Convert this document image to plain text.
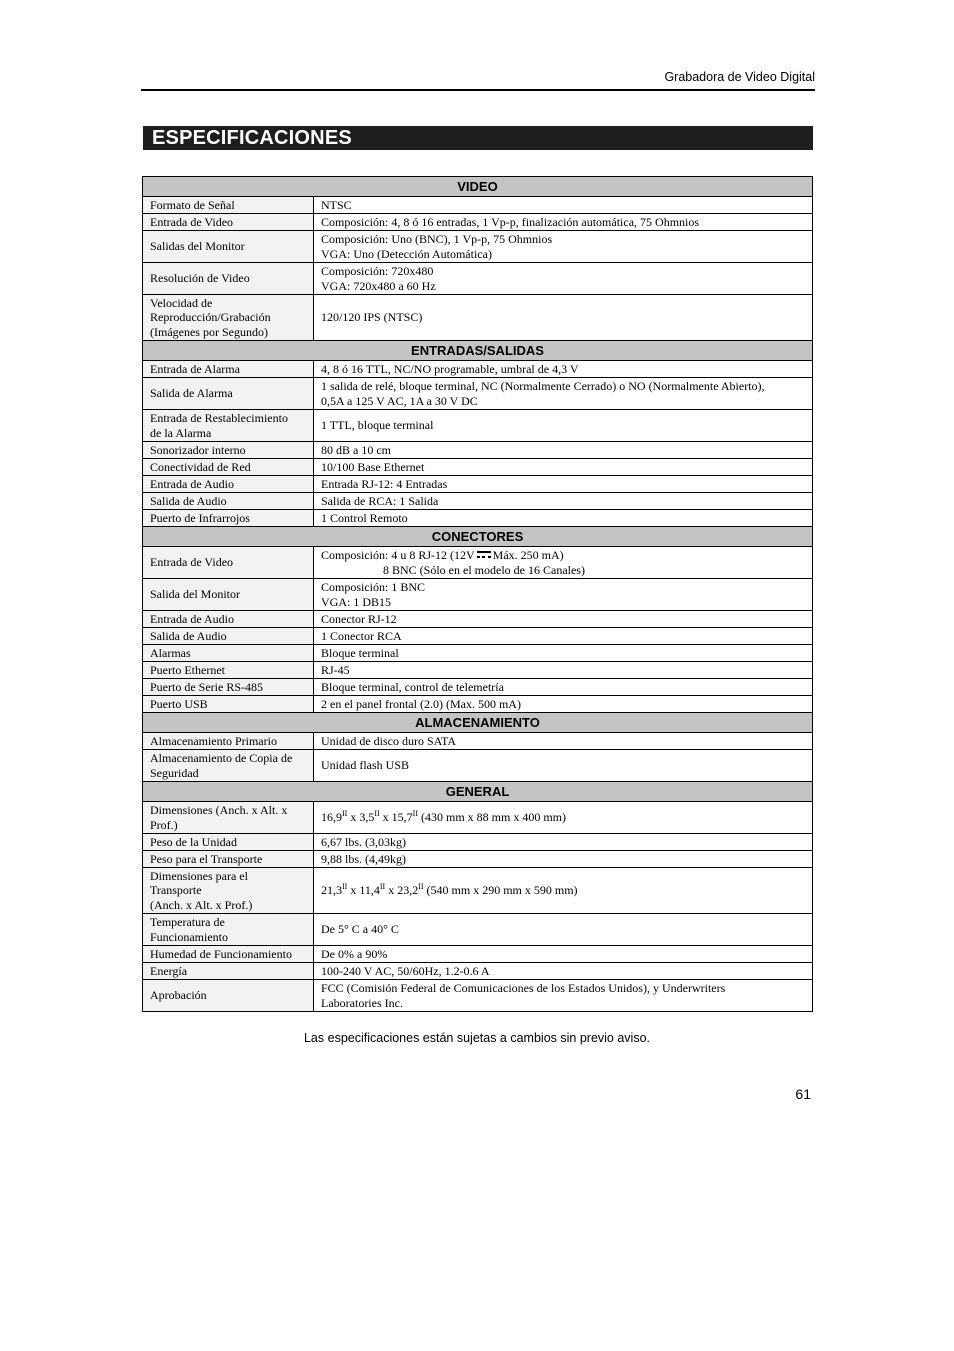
Grabadora de Video Digital
ESPECIFICACIONES
VIDEO	
Formato de Señal	NTSC
Entrada de Video	Composición: 4, 8 ó 16 entradas, 1 Vp-p, finalización automática, 75 Ohmnios
Salidas del Monitor	Composición: Uno (BNC), 1 Vp-p, 75 Ohmnios
VGA: Uno (Detección Automática)
Resolución de Video	Composición: 720x480
VGA: 720x480 a 60 Hz
Velocidad de
Reproducción/Grabación
(Imágenes por Segundo)	120/120 IPS (NTSC)
ENTRADAS/SALIDAS	
Entrada de Alarma	4, 8 ó 16 TTL, NC/NO programable, umbral de 4,3 V
Salida de Alarma	1 salida de relé, bloque terminal, NC (Normalmente Cerrado) o NO (Normalmente Abierto),
0,5A a 125 V AC, 1A a 30 V DC
Entrada de Restablecimiento
de la Alarma	1 TTL, bloque terminal
Sonorizador interno	80 dB a 10 cm
Conectividad de Red	10/100 Base Ethernet
Entrada de Audio	Entrada RJ-12: 4 Entradas
Salida de Audio	Salida de RCA: 1 Salida
Puerto de Infrarrojos	1 Control Remoto
CONECTORES	
Entrada de Video	Composición: 4 u 8 RJ-12 (12V Máx. 250 mA)
8 BNC (Sólo en el modelo de 16 Canales)

Salida del Monitor	Composición: 1 BNC
VGA: 1 DB15
Entrada de Audio	Conector RJ-12
Salida de Audio	1 Conector RCA
Alarmas	Bloque terminal
Puerto Ethernet	RJ-45
Puerto de Serie RS-485	Bloque terminal, control de telemetría
Puerto USB	2 en el panel frontal (2.0) (Max. 500 mA)
ALMACENAMIENTO	
Almacenamiento Primario	Unidad de disco duro SATA
Almacenamiento de Copia de
Seguridad	Unidad flash USB
GENERAL	
Dimensiones (Anch. x Alt. x
Prof.)	$16,9^{II}$ x $3,5^{II}$ x $15,7^{II}$ (430 mm x 88 mm x 400 mm)
Peso de la Unidad	6,67 lbs. (3,03kg)
Peso para el Transporte	9,88 lbs. (4,49kg)
Dimensiones para el
Transporte
(Anch. x Alt. x Prof.)	$21,3^{II}$ x $11,4^{II}$ x $23,2^{II}$ (540 mm x 290 mm x 590 mm)
Temperatura de
Funcionamiento	De 5° C a 40° C
Humedad de Funcionamiento	De 0% a 90%
Energía	100-240 V AC, 50/60Hz, 1.2-0.6 A
Aprobación	FCC (Comisión Federal de Comunicaciones de los Estados Unidos), y Underwriters
Laboratories Inc.
Las especificaciones están sujetas a cambios sin previo aviso.
61
